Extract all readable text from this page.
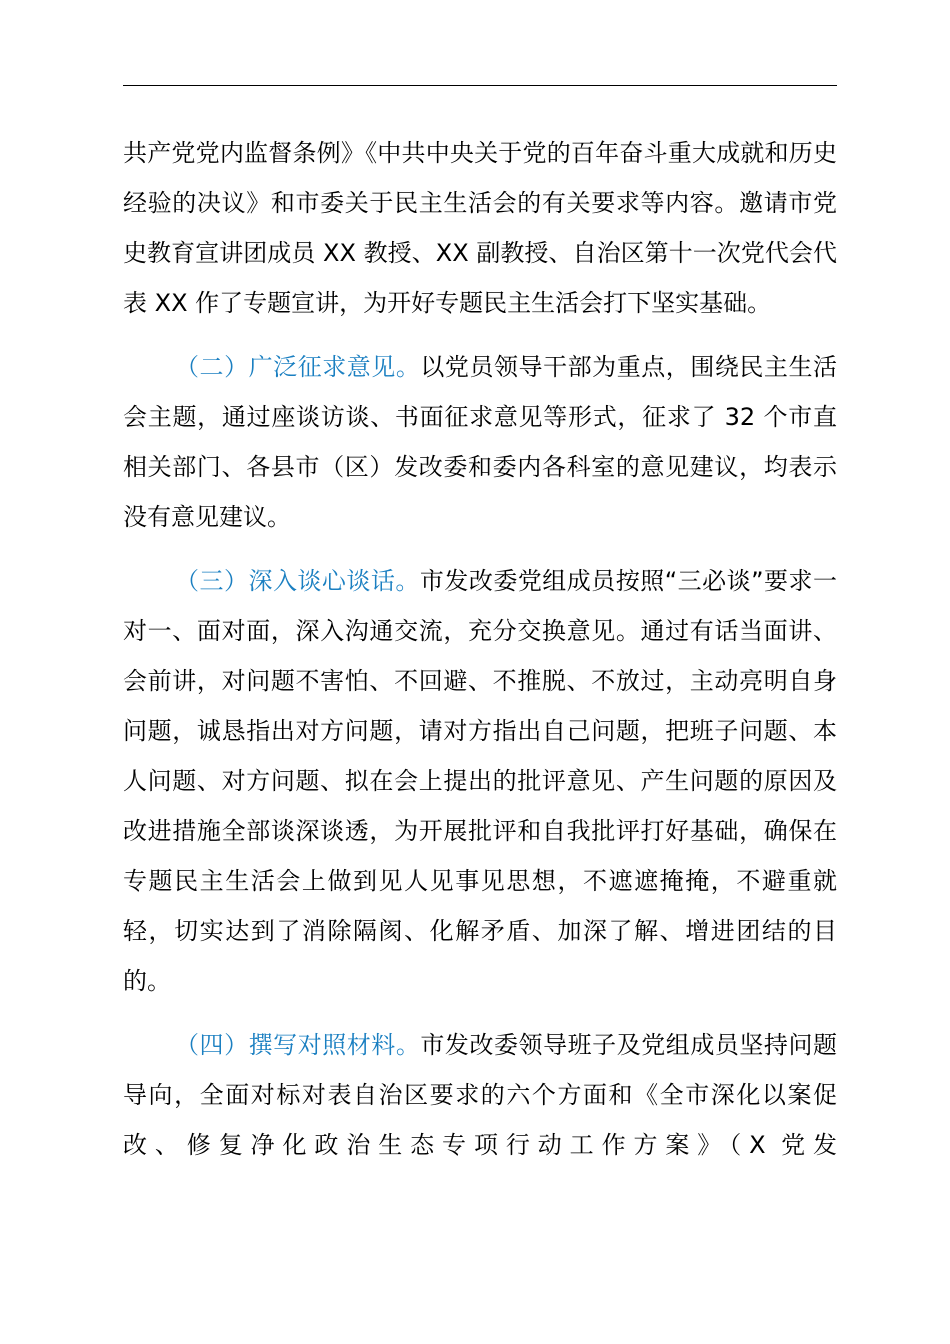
共产党党内监督条例》《中共中央关于党的百年奋斗重大成就和历史经验的决议》和市委关于民主生活会的有关要求等内容。邀请市党史教育宣讲团成员 XX 教授、XX 副教授、自治区第十一次党代会代表 XX 作了专题宣讲，为开好专题民主生活会打下坚实基础。

（二）广泛征求意见。以党员领导干部为重点，围绕民主生活会主题，通过座谈访谈、书面征求意见等形式，征求了 32 个市直相关部门、各县市（区）发改委和委内各科室的意见建议，均表示没有意见建议。

（三）深入谈心谈话。市发改委党组成员按照“三必谈”要求一对一、面对面，深入沟通交流，充分交换意见。通过有话当面讲、会前讲，对问题不害怕、不回避、不推脱、不放过，主动亮明自身问题，诚恳指出对方问题，请对方指出自己问题，把班子问题、本人问题、对方问题、拟在会上提出的批评意见、产生问题的原因及改进措施全部谈深谈透，为开展批评和自我批评打好基础，确保在专题民主生活会上做到见人见事见思想，不遮遮掩掩，不避重就轻，切实达到了消除隔阂、化解矛盾、加深了解、增进团结的目的。

（四）撰写对照材料。市发改委领导班子及党组成员坚持问题导向，全面对标对表自治区要求的六个方面和《全市深化以案促改、修复净化政治生态专项行动工作方案》（X 党发
